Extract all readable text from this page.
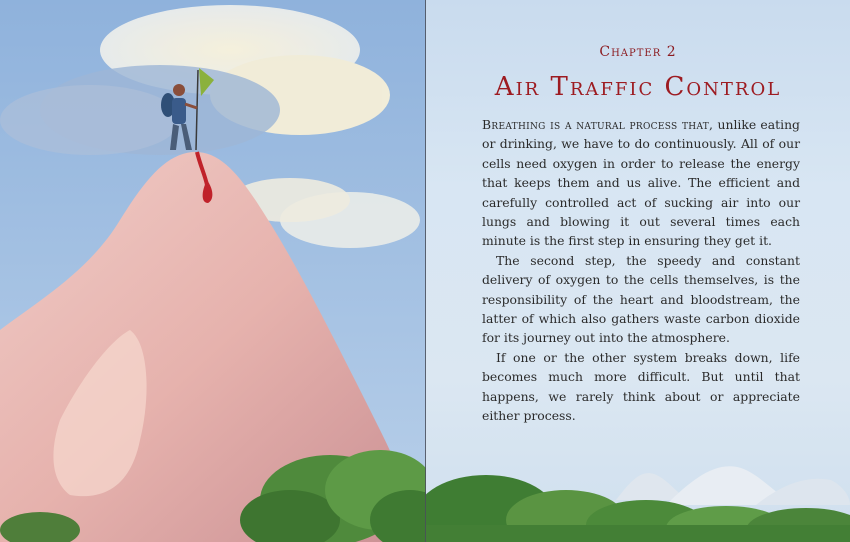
Chapter 2
Air Traffic Control

Breathing is a natural process that, unlike eating or drinking, we have to do continuously. All of our cells need oxygen in order to release the energy that keeps them and us alive. The efficient and carefully controlled act of sucking air into our lungs and blowing it out several times each minute is the first step in ensuring they get it.

The second step, the speedy and constant delivery of oxygen to the cells themselves, is the responsibility of the heart and bloodstream, the latter of which also gathers waste carbon dioxide for its journey out into the atmosphere.

If one or the other system breaks down, life becomes much more difficult. But until that happens, we rarely think about or appreciate either process.
